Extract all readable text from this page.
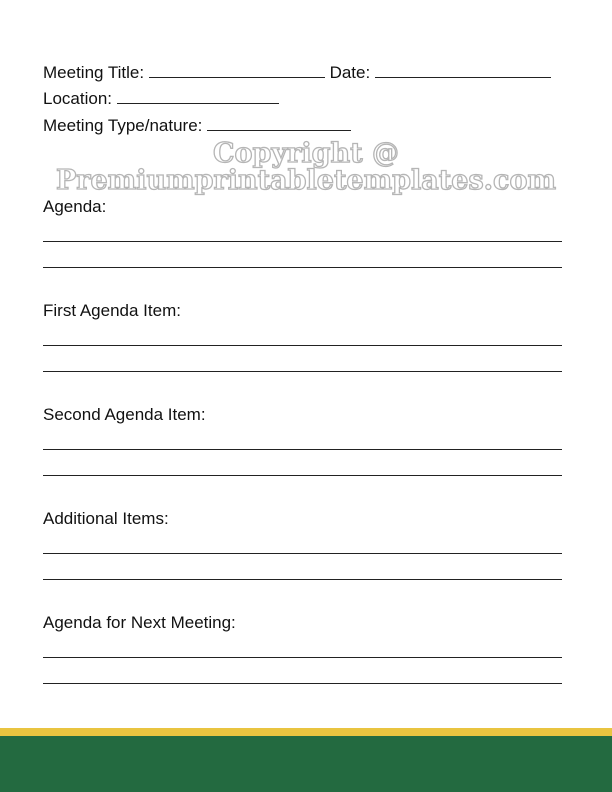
Meeting Title:	Date:
Location:
Meeting Type/nature:
Copyright @ Premiumprintabletemplates.com
Agenda:
First Agenda Item:
Second Agenda Item:
Additional Items:
Agenda for Next Meeting:
